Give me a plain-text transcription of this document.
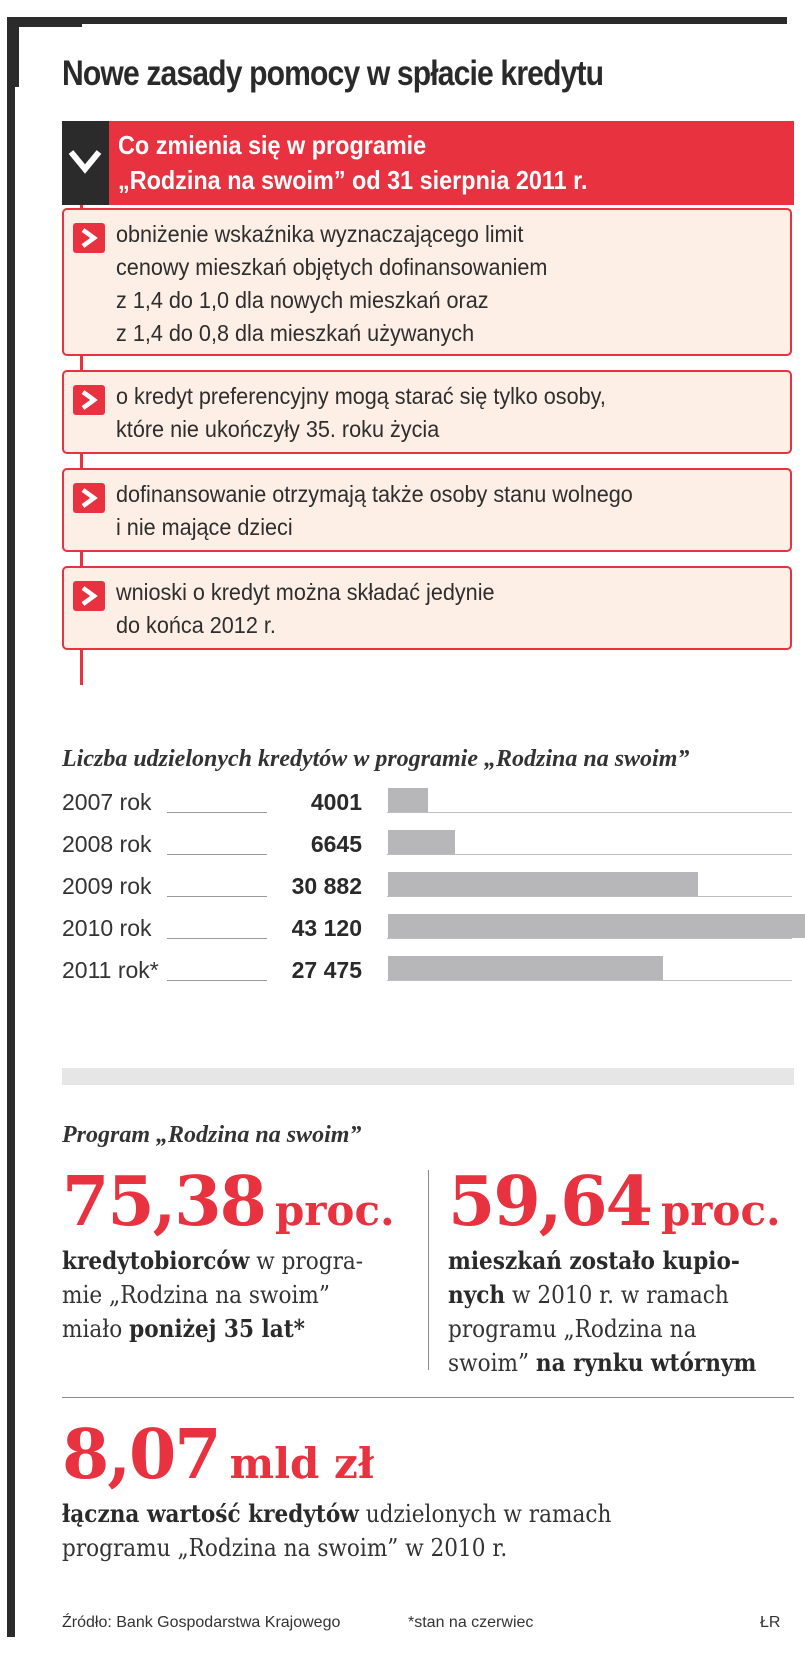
Nowe zasady pomocy w spłacie kredytu
Co zmienia się w programie
„Rodzina na swoim” od 31 sierpnia 2011 r.
obniżenie wskaźnika wyznaczającego limit
cenowy mieszkań objętych dofinansowaniem
z 1,4 do 1,0 dla nowych mieszkań oraz
z 1,4 do 0,8 dla mieszkań używanych
o kredyt preferencyjny mogą starać się tylko osoby,
które nie ukończyły 35. roku życia
dofinansowanie otrzymają także osoby stanu wolnego
i nie mające dzieci
wnioski o kredyt można składać jedynie
do końca 2012 r.
Liczba udzielonych kredytów w programie „Rodzina na swoim”
2007 rok	4001
2008 rok	6645
2009 rok	30 882
2010 rok	43 120
2011 rok*	27 475
Program „Rodzina na swoim”
75,38 proc.
kredytobiorców w progra-
mie „Rodzina na swoim”
miało poniżej 35 lat*
59,64 proc.
mieszkań zostało kupio-
nych w 2010 r. w ramach
programu „Rodzina na
swoim” na rynku wtórnym
8,07 mld zł
łączna wartość kredytów udzielonych w ramach
programu „Rodzina na swoim” w 2010 r.
Źródło: Bank Gospodarstwa Krajowego	*stan na czerwiec	ŁR
